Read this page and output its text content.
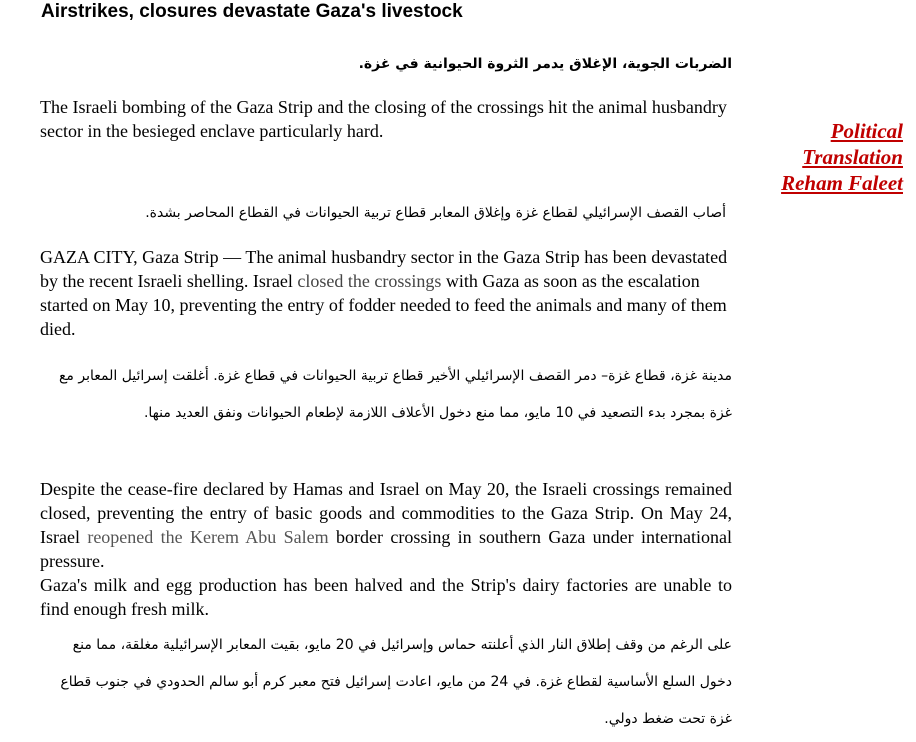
Airstrikes, closures devastate Gaza's livestock
الضربات الجوية، الإغلاق يدمر الثروة الحيوانية في غزة.
The Israeli bombing of the Gaza Strip and the closing of the crossings hit the animal husbandry sector in the besieged enclave particularly hard.	Political
Translation
Reham Faleet
أصاب القصف الإسرائيلي لقطاع غزة وإغلاق المعابر قطاع تربية الحيوانات في القطاع المحاصر بشدة.
GAZA CITY, Gaza Strip — The animal husbandry sector in the Gaza Strip has been devastated by the recent Israeli shelling. Israel closed the crossings with Gaza as soon as the escalation started on May 10, preventing the entry of fodder needed to feed the animals and many of them died.
مدينة غزة، قطاع غزة– دمر القصف الإسرائيلي الأخير قطاع تربية الحيوانات في قطاع غزة. أغلقت إسرائيل المعابر مع غزة بمجرد بدء التصعيد في 10 مايو، مما منع دخول الأعلاف اللازمة لإطعام الحيوانات ونفق العديد منها.
Despite the cease-fire declared by Hamas and Israel on May 20, the Israeli crossings remained closed, preventing the entry of basic goods and commodities to the Gaza Strip. On May 24, Israel reopened the Kerem Abu Salem border crossing in southern Gaza under international pressure.
Gaza's milk and egg production has been halved and the Strip's dairy factories are unable to find enough fresh milk.
على الرغم من وقف إطلاق النار الذي أعلنته حماس وإسرائيل في 20 مايو، بقيت المعابر الإسرائيلية مغلقة، مما منع دخول السلع الأساسية لقطاع غزة. في 24 من مايو، اعادت إسرائيل فتح معبر كرم أبو سالم الحدودي في جنوب قطاع غزة تحت ضغط دولي.
